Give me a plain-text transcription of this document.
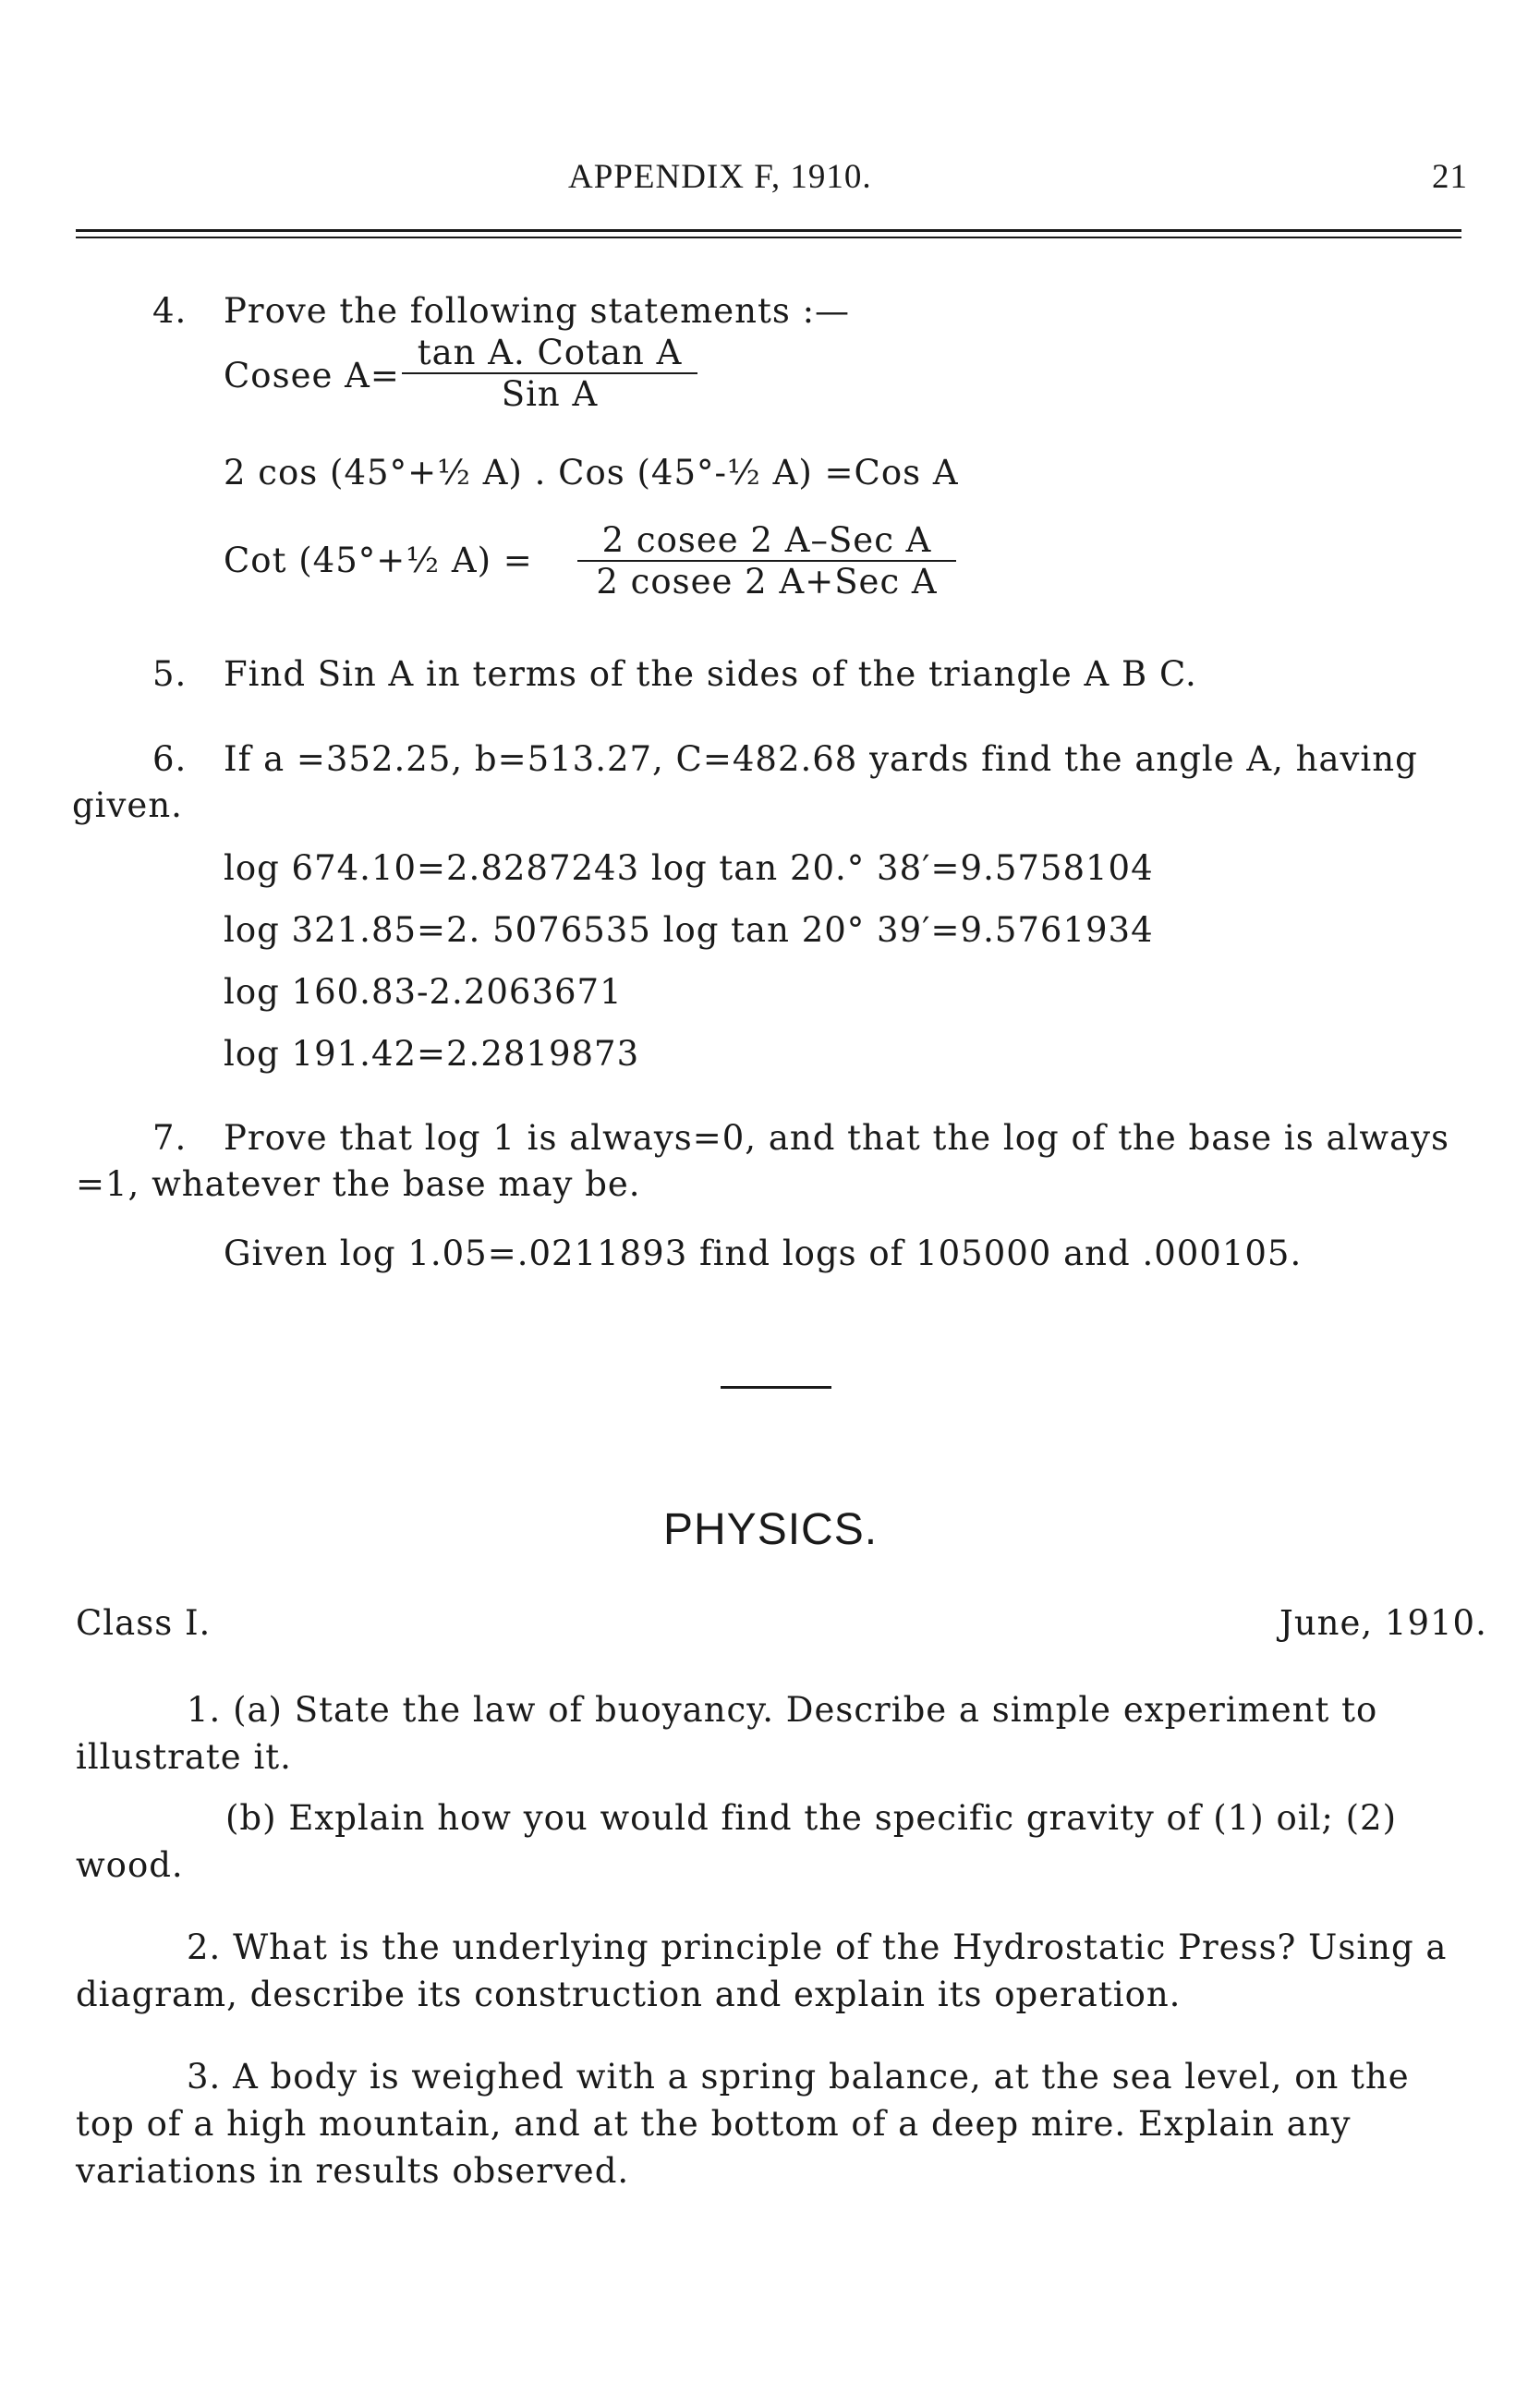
APPENDIX F, 1910.	21
4. Prove the following statements :—
Cosee A=
tan A. Cotan A
Sin A
2 cos (45°+½ A) . Cos (45°-½ A) =Cos A
Cot (45°+½ A) =
2 cosee 2 A–Sec A
2 cosee 2 A+Sec A
5. Find Sin A in terms of the sides of the triangle A B C.
6. If a =352.25, b=513.27, C=482.68 yards find the angle A, having
given.
log 674.10=2.8287243 log tan 20.° 38′=9.5758104
log 321.85=2. 5076535 log tan 20° 39′=9.5761934
log 160.83-2.2063671
log 191.42=2.2819873
7. Prove that log 1 is always=0, and that the log of the base is always
=1, whatever the base may be.
Given log 1.05=.0211893 find logs of 105000 and .000105.
PHYSICS.
Class I.	June, 1910.

1. (a) State the law of buoyancy. Describe a simple experiment to illustrate it.

(b) Explain how you would find the specific gravity of (1) oil; (2) wood.

2. What is the underlying principle of the Hydrostatic Press? Using a diagram, describe its construction and explain its operation.

3. A body is weighed with a spring balance, at the sea level, on the top of a high mountain, and at the bottom of a deep mire. Explain any variations in results observed.
